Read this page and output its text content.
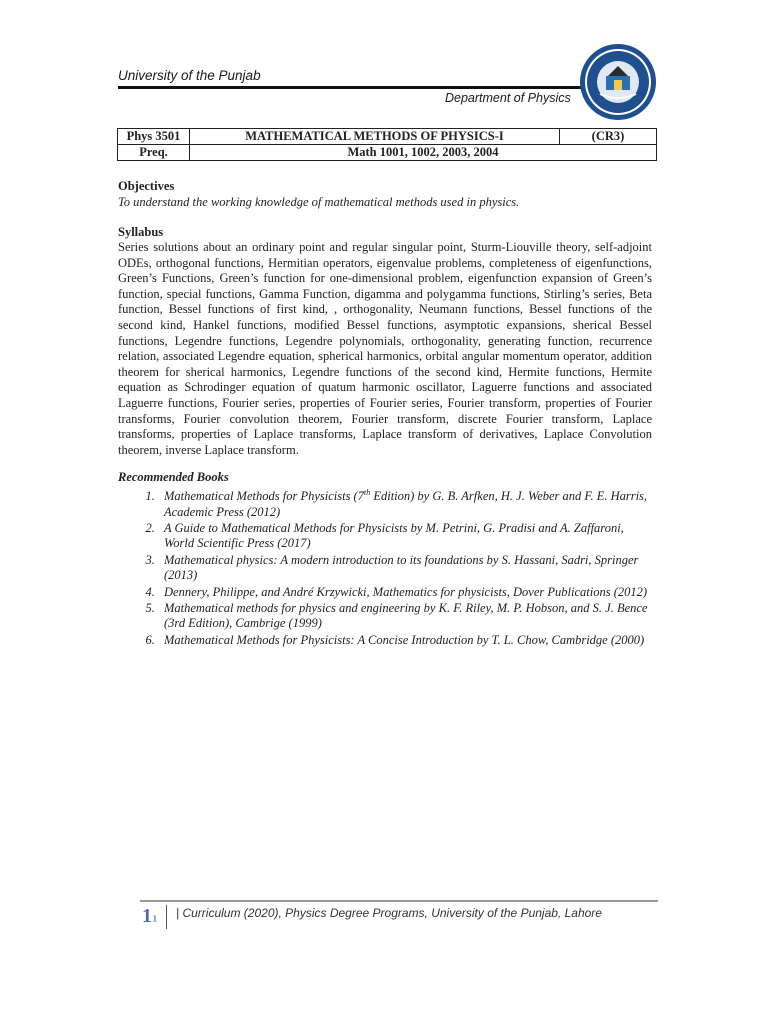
University of the Punjab
Department of Physics
Phys 3501	MATHEMATICAL METHODS OF PHYSICS-I	(CR3)
Preq.	Math 1001, 1002, 2003, 2004	

Objectives

To understand the working knowledge of mathematical methods used in physics.

Syllabus

Series solutions about an ordinary point and regular singular point, Sturm-Liouville theory, self-adjoint ODEs, orthogonal functions, Hermitian operators, eigenvalue problems, completeness of eigenfunctions, Green’s Functions, Green’s function for one-dimensional problem, eigenfunction expansion of Green’s function, special functions, Gamma Function, digamma and polygamma functions, Stirling’s series, Beta function, Bessel functions of first kind, , orthogonality, Neumann functions, Bessel functions of the second kind, Hankel functions, modified Bessel functions, asymptotic expansions, sherical Bessel functions, Legendre functions, Legendre polynomials, orthogonality, generating function, recurrence relation, associated Legendre equation, spherical harmonics, orbital angular momentum operator, addition theorem for sherical harmonics, Legendre functions of the second kind, Hermite functions, Hermite equation as Schrodinger equation of quatum harmonic oscillator, Laguerre functions and associated Laguerre functions, Fourier series, properties of Fourier series, Fourier transform, properties of Fourier transforms, Fourier convolution theorem, Fourier transform, discrete Fourier transform, Laplace transforms, properties of Laplace transforms, Laplace transform of derivatives, Laplace Convolution theorem, inverse Laplace transform.

Recommended Books

1. Mathematical Methods for Physicists (7th Edition) by G. B. Arfken, H. J. Weber and F. E. Harris, Academic Press (2012)
2. A Guide to Mathematical Methods for Physicists by M. Petrini, G. Pradisi and A. Zaffaroni, World Scientific Press (2017)
3. Mathematical physics: A modern introduction to its foundations by S. Hassani, Sadri, Springer (2013)
4. Dennery, Philippe, and André Krzywicki, Mathematics for physicists, Dover Publications (2012)
5. Mathematical methods for physics and engineering by K. F. Riley, M. P. Hobson, and S. J. Bence (3rd Edition), Cambrige (1999)
6. Mathematical Methods for Physicists: A Concise Introduction by T. L. Chow, Cambridge (2000)
11 | Curriculum (2020), Physics Degree Programs, University of the Punjab, Lahore
